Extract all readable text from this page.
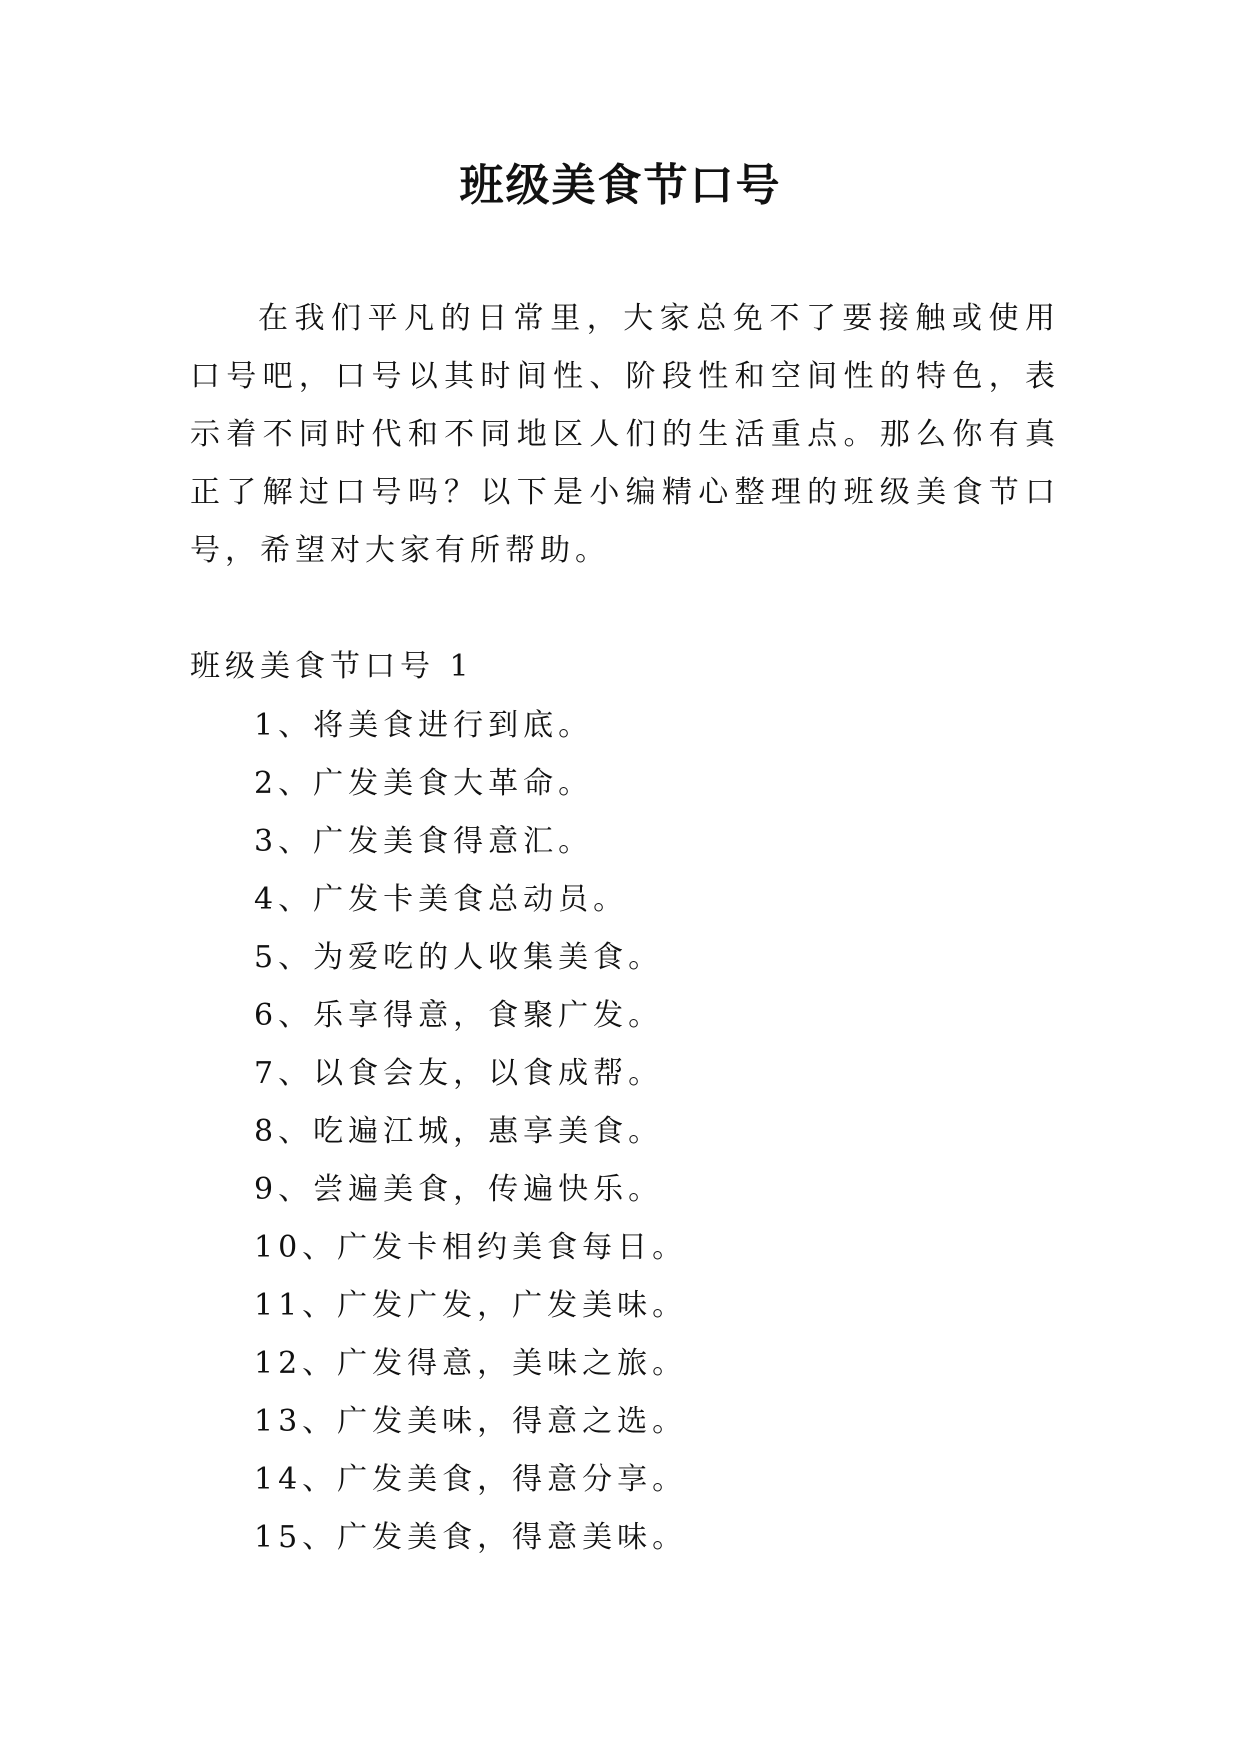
班级美食节口号

在我们平凡的日常里，大家总免不了要接触或使用口号吧，口号以其时间性、阶段性和空间性的特色，表示着不同时代和不同地区人们的生活重点。那么你有真正了解过口号吗？以下是小编精心整理的班级美食节口号，希望对大家有所帮助。

班级美食节口号 1
1、将美食进行到底。
2、广发美食大革命。
3、广发美食得意汇。
4、广发卡美食总动员。
5、为爱吃的人收集美食。
6、乐享得意，食聚广发。
7、以食会友，以食成帮。
8、吃遍江城，惠享美食。
9、尝遍美食，传遍快乐。
10、广发卡相约美食每日。
11、广发广发，广发美味。
12、广发得意，美味之旅。
13、广发美味，得意之选。
14、广发美食，得意分享。
15、广发美食，得意美味。
